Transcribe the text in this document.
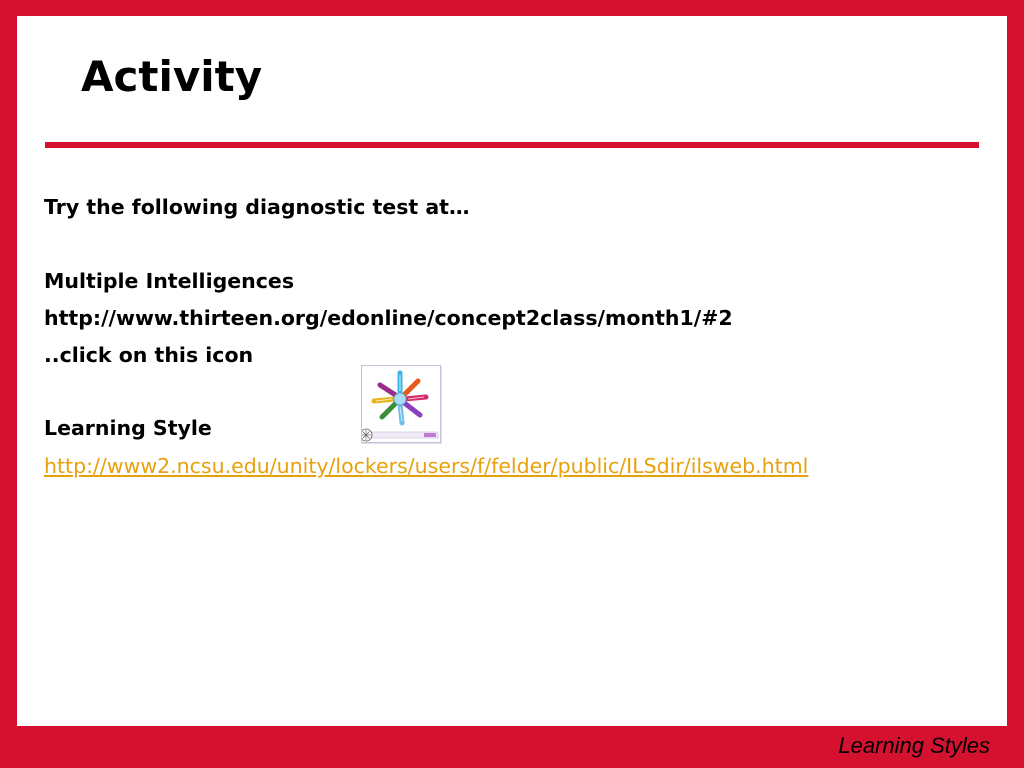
Activity
Try the following diagnostic test at…
Multiple Intelligences
http://www.thirteen.org/edonline/concept2class/month1/#2
..click on this icon
Learning Style
http://www2.ncsu.edu/unity/lockers/users/f/felder/public/ILSdir/ilsweb.html
Learning Styles
